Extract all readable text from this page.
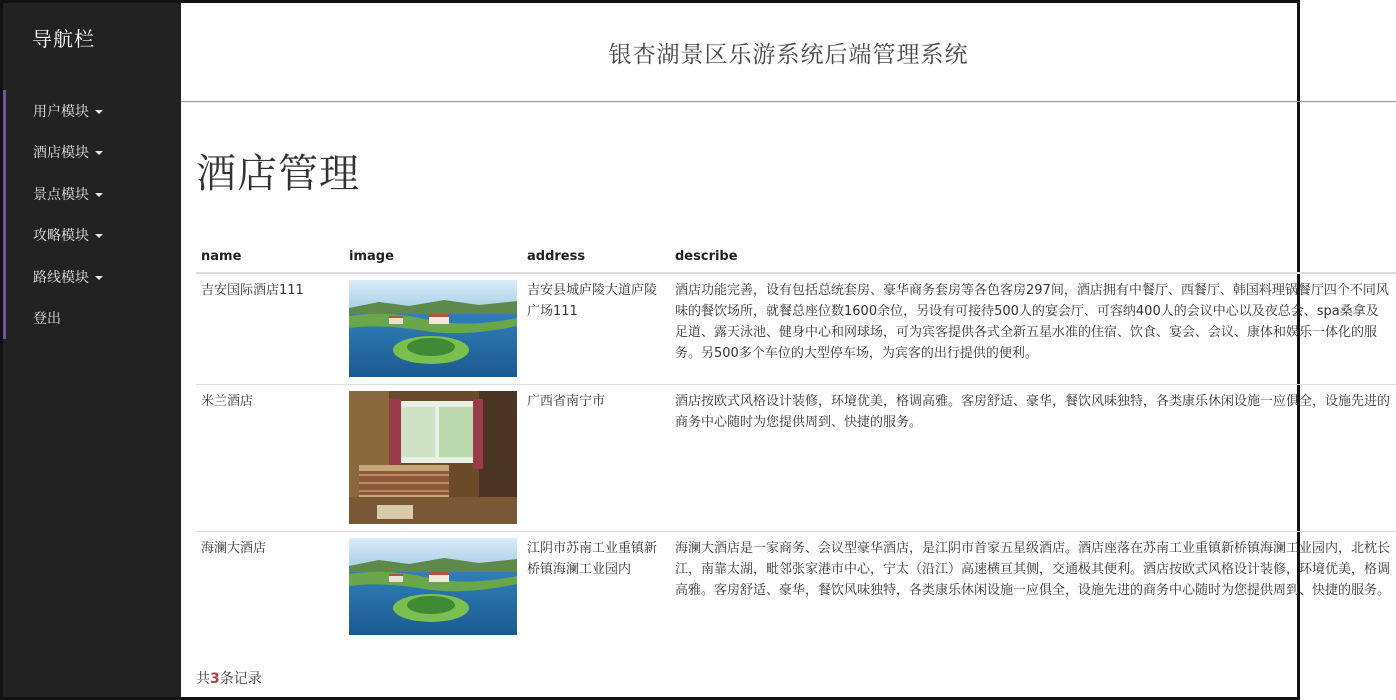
导航栏
用户模块
酒店模块
景点模块
攻略模块
路线模块
登出
银杏湖景区乐游系统后端管理系统
酒店管理
name	image	address	describe
吉安国际酒店111		吉安县城庐陵大道庐陵广场111	酒店功能完善，设有包括总统套房、豪华商务套房等各色客房297间，酒店拥有中餐厅、西餐厅、韩国料理锅餐厅四个不同风味的餐饮场所，就餐总座位数1600余位，另设有可接待500人的宴会厅、可容纳400人的会议中心以及夜总会、spa桑拿及足道、露天泳池、健身中心和网球场，可为宾客提供各式全新五星水准的住宿、饮食、宴会、会议、康体和娱乐一体化的服务。另500多个车位的大型停车场，为宾客的出行提供的便利。
米兰酒店		广西省南宁市	酒店按欧式风格设计装修，环境优美，格调高雅。客房舒适、豪华，餐饮风味独特，各类康乐休闲设施一应俱全，设施先进的商务中心随时为您提供周到、快捷的服务。
海澜大酒店		江阴市苏南工业重镇新桥镇海澜工业园内	海澜大酒店是一家商务、会议型豪华酒店，是江阴市首家五星级酒店。酒店座落在苏南工业重镇新桥镇海澜工业园内，北枕长江，南靠太湖，毗邻张家港市中心，宁太（沿江）高速横亘其侧，交通极其便利。酒店按欧式风格设计装修，环境优美，格调高雅。客房舒适、豪华，餐饮风味独特，各类康乐休闲设施一应俱全，设施先进的商务中心随时为您提供周到、快捷的服务。
共3条记录
